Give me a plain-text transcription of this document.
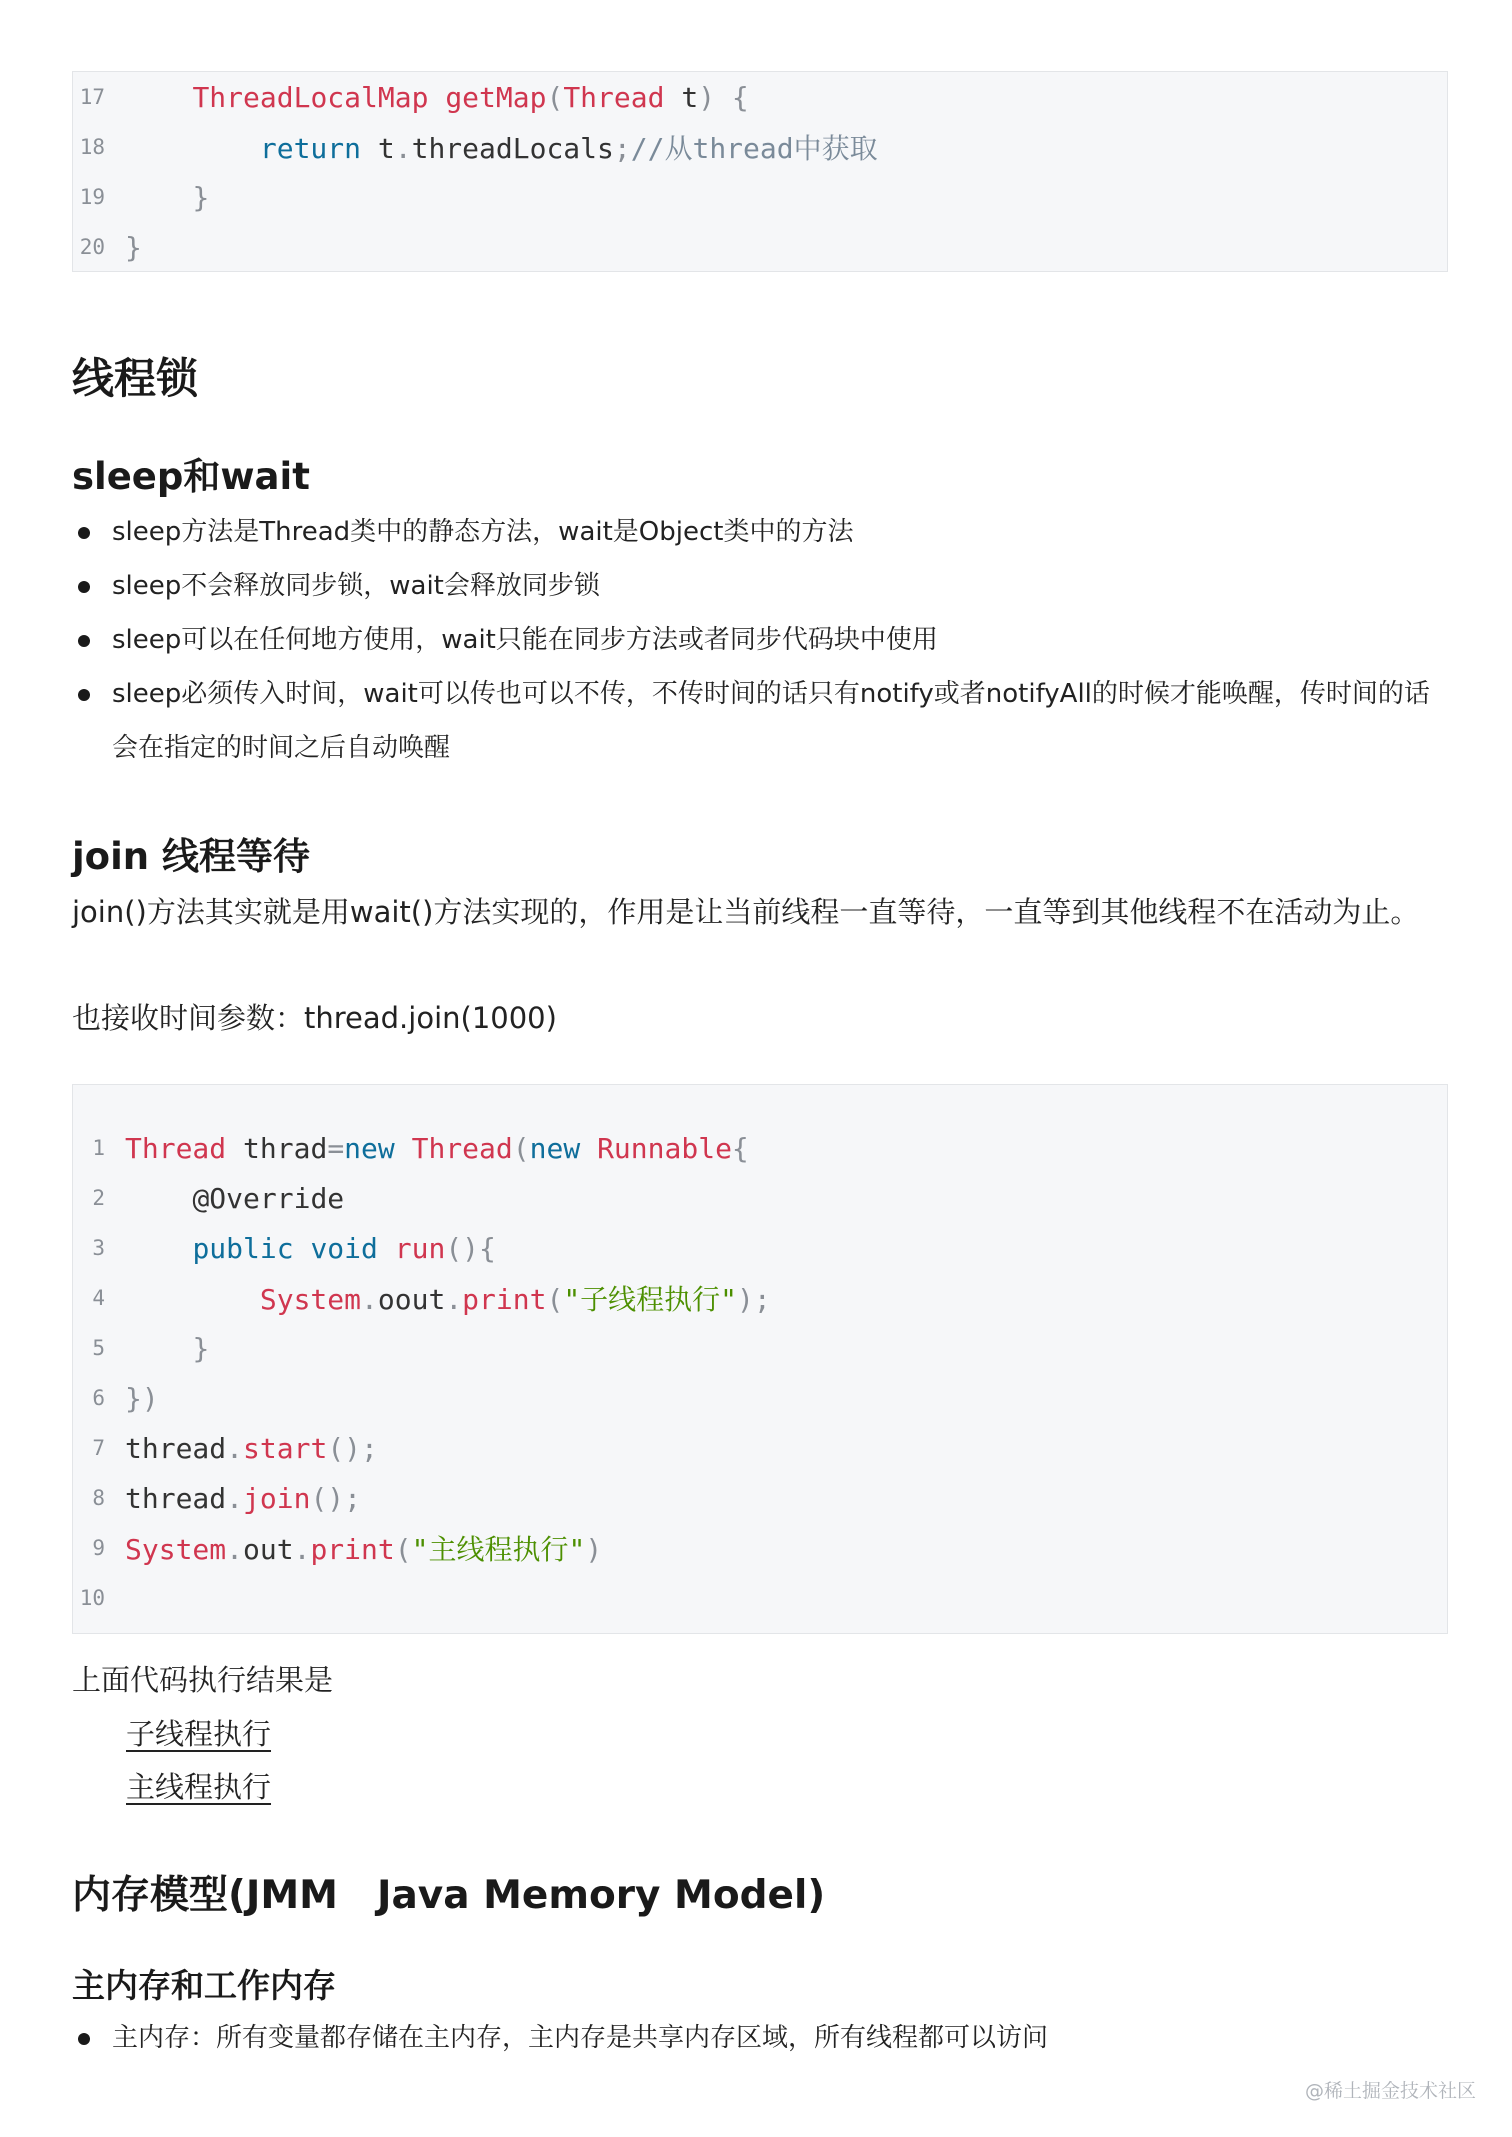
17	ThreadLocalMap getMap(Thread t) {
18	return t.threadLocals;//从thread中获取
19	}
20 }
线程锁
sleep和wait
sleep方法是Thread类中的静态方法，wait是Object类中的方法
sleep不会释放同步锁，wait会释放同步锁
sleep可以在任何地方使用，wait只能在同步方法或者同步代码块中使用
sleep必须传入时间，wait可以传也可以不传，不传时间的话只有notify或者notifyAll的时候才能唤醒，传时间的话会在指定的时间之后自动唤醒
join 线程等待

join()方法其实就是用wait()方法实现的，作用是让当前线程一直等待，一直等到其他线程不在活动为止。

也接收时间参数：thread.join(1000)

1 Thread thrad=new Thread(new Runnable{
2	@Override
3	public void run(){
4	System.oout.print("子线程执行");
5	}
6 })
7 thread.start();
8 thread.join();
9 System.out.print("主线程执行")
10

上面代码执行结果是

子线程执行
主线程执行
内存模型(JMM　Java Memory Model)
主内存和工作内存
主内存：所有变量都存储在主内存，主内存是共享内存区域，所有线程都可以访问
@稀土掘金技术社区
